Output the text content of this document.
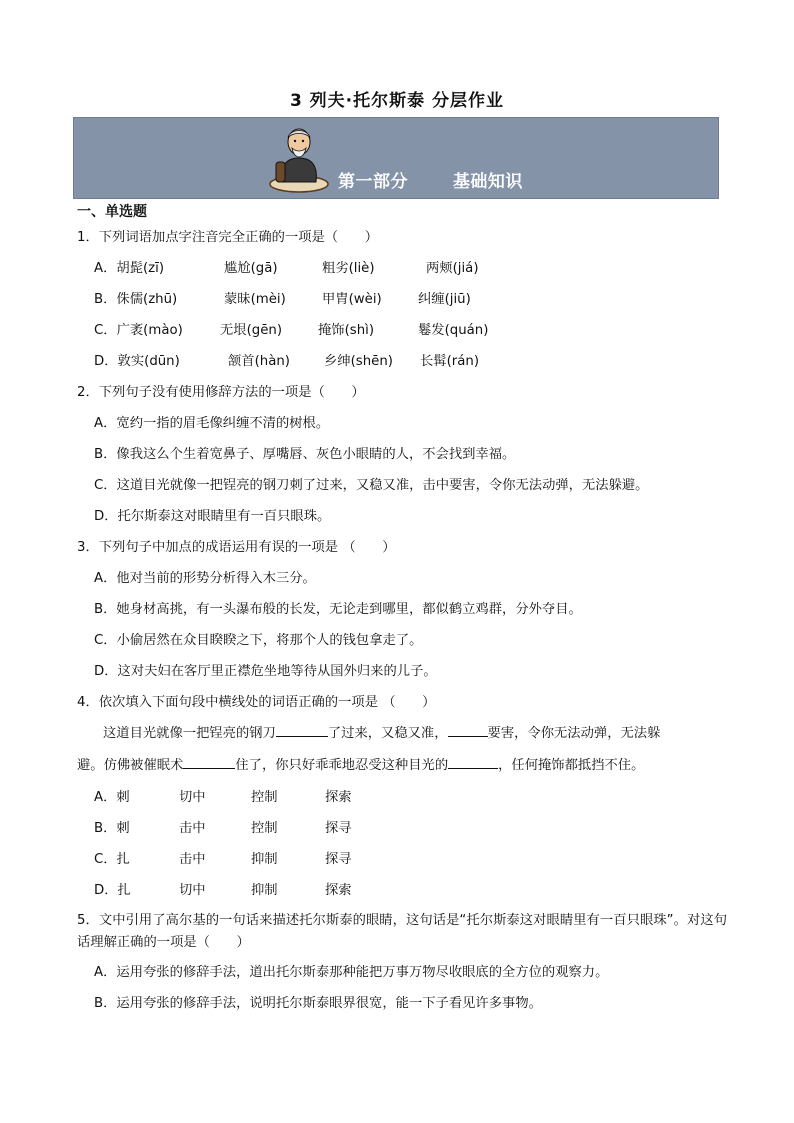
3 列夫·托尔斯泰 分层作业
第一部分	基础知识
一、单选题
1．下列词语加点字注音完全正确的一项是（　　）
A．胡髭(zī)	尴尬(gā)	粗劣(liè)	两颊(jiá)
B．侏儒(zhū)	蒙昧(mèi)	甲胄(wèi)	纠缠(jiū)
C．广袤(mào)	无垠(gēn)	掩饰(shì)	鬈发(quán)
D．敦实(dūn)	颔首(hàn)	乡绅(shēn)	长髯(rán)
2．下列句子没有使用修辞方法的一项是（　　）
A．宽约一指的眉毛像纠缠不清的树根。
B．像我这么个生着宽鼻子、厚嘴唇、灰色小眼睛的人，不会找到幸福。
C．这道目光就像一把锃亮的钢刀刺了过来，又稳又准，击中要害，令你无法动弹，无法躲避。
D．托尔斯泰这对眼睛里有一百只眼珠。
3．下列句子中加点的成语运用有误的一项是 （　　）
A．他对当前的形势分析得入木三分。
B．她身材高挑，有一头瀑布般的长发，无论走到哪里，都似鹤立鸡群，分外夺目。
C．小偷居然在众目睽睽之下，将那个人的钱包拿走了。
D．这对夫妇在客厅里正襟危坐地等待从国外归来的儿子。
4．依次填入下面句段中横线处的词语正确的一项是 （　　）
这道目光就像一把锃亮的钢刀	了过来，又稳又准，	要害，令你无法动弹，无法躲
避。仿佛被催眠术	住了，你只好乖乖地忍受这种目光的	，任何掩饰都抵挡不住。
A．刺	切中	控制	探索
B．刺	击中	控制	探寻
C．扎	击中	抑制	探寻
D．扎	切中	抑制	探索
5．文中引用了高尔基的一句话来描述托尔斯泰的眼睛，这句话是“托尔斯泰这对眼睛里有一百只眼珠”。对这句话理解正确的一项是（　　）
A．运用夸张的修辞手法，道出托尔斯泰那种能把万事万物尽收眼底的全方位的观察力。
B．运用夸张的修辞手法，说明托尔斯泰眼界很宽，能一下子看见许多事物。
